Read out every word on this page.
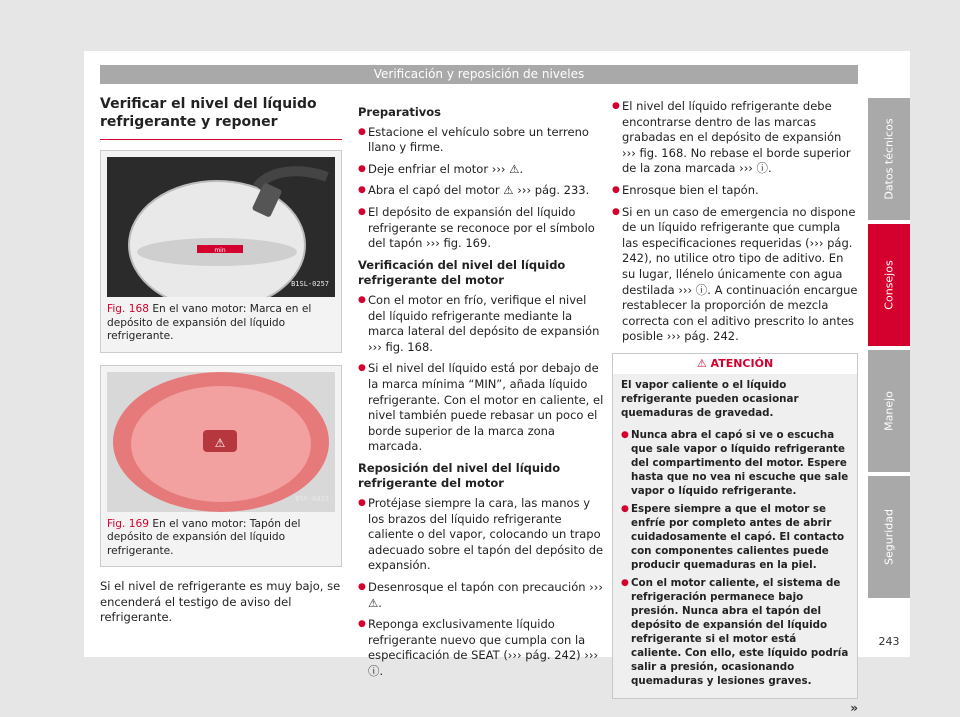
Verificación y reposición de niveles
Verificar el nivel del líquido refrigerante y reponer
min
B1SL-0257
Fig. 168 En el vano motor: Marca en el depósito de expansión del líquido refrigerante.
⚠
B5F-0431
Fig. 169 En el vano motor: Tapón del depósito de expansión del líquido refrigerante.
Si el nivel de refrigerante es muy bajo, se encenderá el testigo de aviso del refrigerante.
Preparativos
● Estacione el vehículo sobre un terreno llano y firme.
● Deje enfriar el motor ››› ⚠.
● Abra el capó del motor ⚠ ››› pág. 233.
● El depósito de expansión del líquido refrigerante se reconoce por el símbolo del tapón ››› fig. 169.
Verificación del nivel del líquido refrigerante del motor
● Con el motor en frío, verifique el nivel del líquido refrigerante mediante la marca lateral del depósito de expansión ››› fig. 168.
● Si el nivel del líquido está por debajo de la marca mínima “MIN”, añada líquido refrigerante. Con el motor en caliente, el nivel también puede rebasar un poco el borde superior de la marca zona marcada.
Reposición del nivel del líquido refrigerante del motor
● Protéjase siempre la cara, las manos y los brazos del líquido refrigerante caliente o del vapor, colocando un trapo adecuado sobre el tapón del depósito de expansión.
● Desenrosque el tapón con precaución ››› ⚠.
● Reponga exclusivamente líquido refrigerante nuevo que cumpla con la especificación de SEAT (››› pág. 242) ››› ⓘ.
● El nivel del líquido refrigerante debe encontrarse dentro de las marcas grabadas en el depósito de expansión ››› fig. 168. No rebase el borde superior de la zona marcada ››› ⓘ.
● Enrosque bien el tapón.
● Si en un caso de emergencia no dispone de un líquido refrigerante que cumpla las especificaciones requeridas (››› pág. 242), no utilice otro tipo de aditivo. En su lugar, llénelo únicamente con agua destilada ››› ⓘ. A continuación encargue restablecer la proporción de mezcla correcta con el aditivo prescrito lo antes posible ››› pág. 242.
⚠ ATENCIÓN
El vapor caliente o el líquido refrigerante pueden ocasionar quemaduras de gravedad.
● Nunca abra el capó si ve o escucha que sale vapor o líquido refrigerante del compartimento del motor. Espere hasta que no vea ni escuche que sale vapor o líquido refrigerante.
● Espere siempre a que el motor se enfríe por completo antes de abrir cuidadosamente el capó. El contacto con componentes calientes puede producir quemaduras en la piel.
● Con el motor caliente, el sistema de refrigeración permanece bajo presión. Nunca abra el tapón del depósito de expansión del líquido refrigerante si el motor está caliente. Con ello, este líquido podría salir a presión, ocasionando quemaduras y lesiones graves.
»
Datos técnicos
Consejos
Manejo
Seguridad
243
